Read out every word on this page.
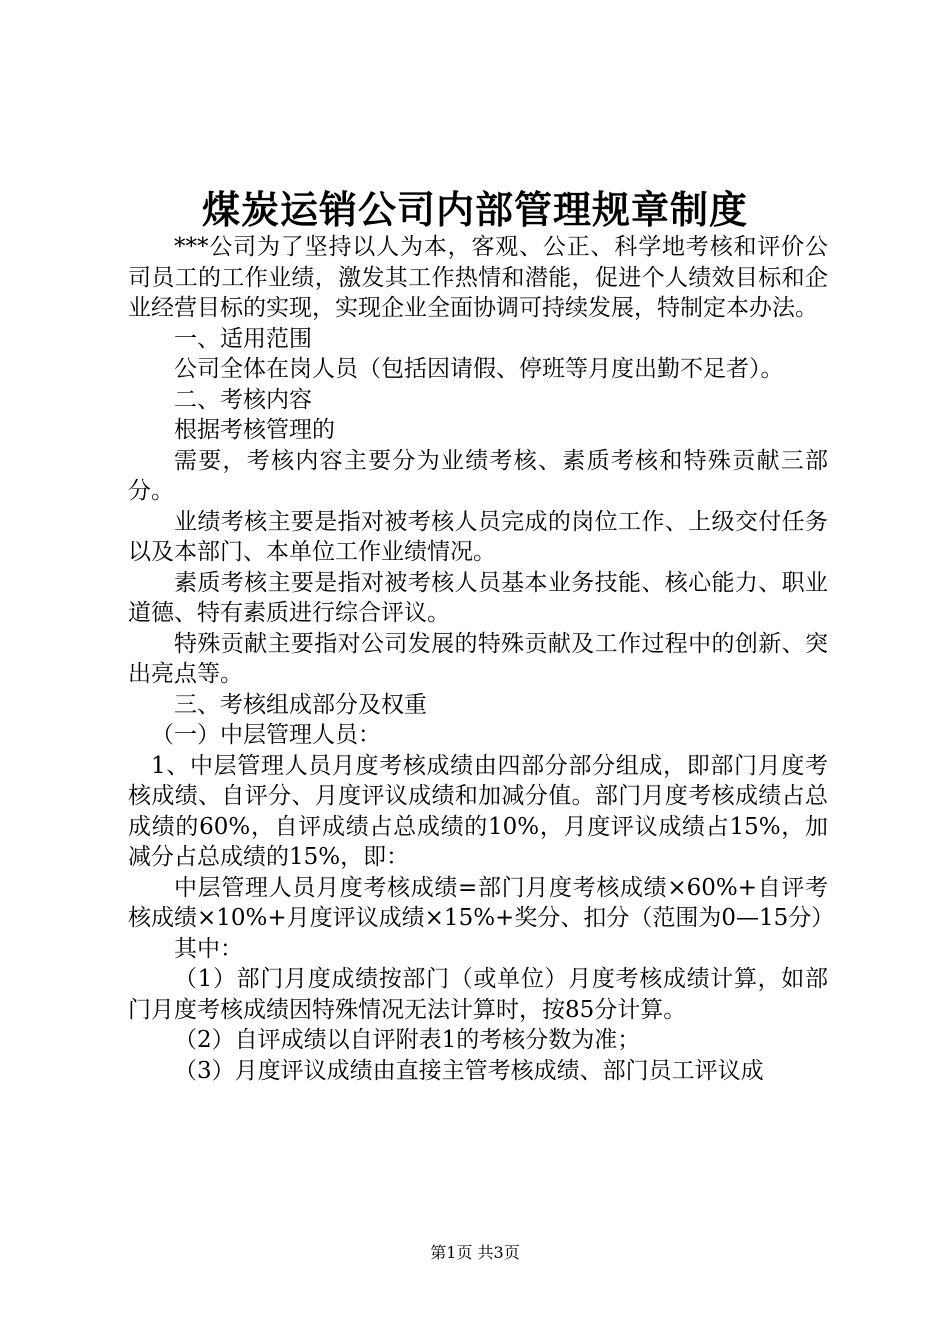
煤炭运销公司内部管理规章制度

***公司为了坚持以人为本，客观、公正、科学地考核和评价公司员工的工作业绩，激发其工作热情和潜能，促进个人绩效目标和企业经营目标的实现，实现企业全面协调可持续发展，特制定本办法。

一、适用范围

公司全体在岗人员（包括因请假、停班等月度出勤不足者）。

二、考核内容

根据考核管理的

需要，考核内容主要分为业绩考核、素质考核和特殊贡献三部分。

业绩考核主要是指对被考核人员完成的岗位工作、上级交付任务以及本部门、本单位工作业绩情况。

素质考核主要是指对被考核人员基本业务技能、核心能力、职业道德、特有素质进行综合评议。

特殊贡献主要指对公司发展的特殊贡献及工作过程中的创新、突出亮点等。

三、考核组成部分及权重

（一）中层管理人员：

1、中层管理人员月度考核成绩由四部分部分组成，即部门月度考核成绩、自评分、月度评议成绩和加减分值。部门月度考核成绩占总成绩的60%，自评成绩占总成绩的10%，月度评议成绩占15%，加减分占总成绩的15%，即：

中层管理人员月度考核成绩=部门月度考核成绩×60%+自评考核成绩×10%+月度评议成绩×15%+奖分、扣分（范围为0—15分）

其中：

（1）部门月度成绩按部门（或单位）月度考核成绩计算，如部门月度考核成绩因特殊情况无法计算时，按85分计算。

（2）自评成绩以自评附表1的考核分数为准；

（3）月度评议成绩由直接主管考核成绩、部门员工评议成

第1页 共3页
